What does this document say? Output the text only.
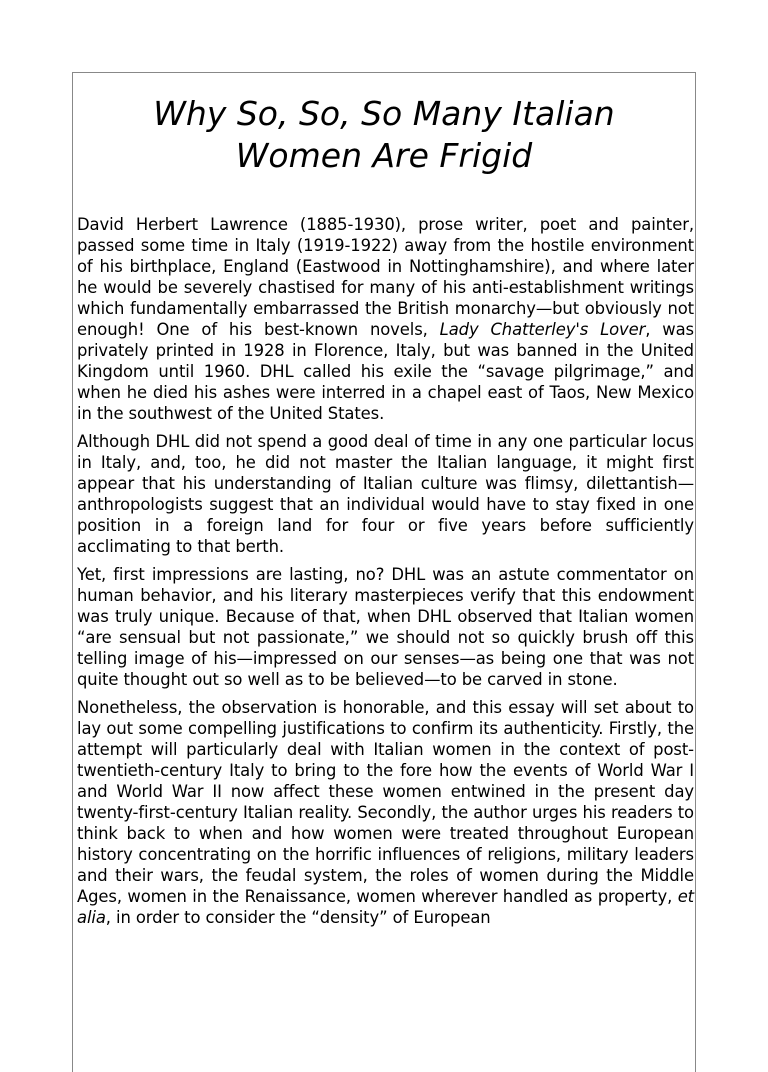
Why So, So, So Many Italian
Women Are Frigid

David Herbert Lawrence (1885-1930), prose writer, poet and painter, passed some time in Italy (1919-1922) away from the hostile environment of his birthplace, England (Eastwood in Nottinghamshire), and where later he would be severely chastised for many of his anti-establishment writings which fundamentally embarrassed the British monarchy—but obviously not enough! One of his best-known novels, Lady Chatterley's Lover, was privately printed in 1928 in Florence, Italy, but was banned in the United Kingdom until 1960. DHL called his exile the “savage pilgrimage,” and when he died his ashes were interred in a chapel east of Taos, New Mexico in the southwest of the United States.

Although DHL did not spend a good deal of time in any one particular locus in Italy, and, too, he did not master the Italian language, it might first appear that his understanding of Italian culture was flimsy, dilettantish—anthropologists suggest that an individual would have to stay fixed in one position in a foreign land for four or five years before sufficiently acclimating to that berth.

Yet, first impressions are lasting, no? DHL was an astute commentator on human behavior, and his literary masterpieces verify that this endowment was truly unique. Because of that, when DHL observed that Italian women “are sensual but not passionate,” we should not so quickly brush off this telling image of his—impressed on our senses—as being one that was not quite thought out so well as to be believed—to be carved in stone.

Nonetheless, the observation is honorable, and this essay will set about to lay out some compelling justifications to confirm its authenticity. Firstly, the attempt will particularly deal with Italian women in the context of post-twentieth-century Italy to bring to the fore how the events of World War I and World War II now affect these women entwined in the present day twenty-first-century Italian reality. Secondly, the author urges his readers to think back to when and how women were treated throughout European history concentrating on the horrific influences of religions, military leaders and their wars, the feudal system, the roles of women during the Middle Ages, women in the Renaissance, women wherever handled as property, et alia, in order to consider the “density” of European
